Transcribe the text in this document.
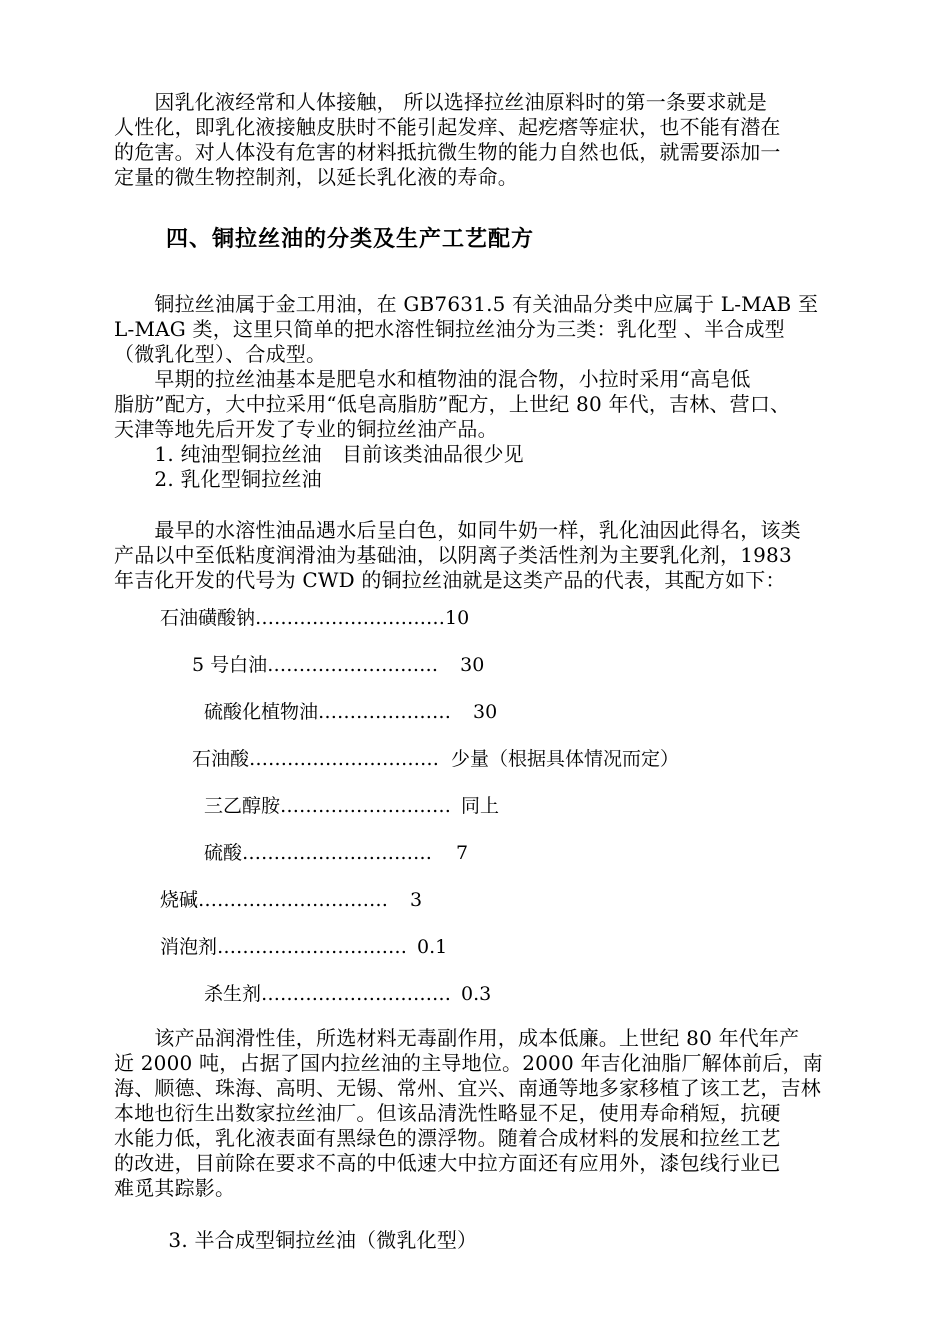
　　因乳化液经常和人体接触， 所以选择拉丝油原料时的第一条要求就是
人性化，即乳化液接触皮肤时不能引起发痒、起疙瘩等症状，也不能有潜在
的危害。对人体没有危害的材料抵抗微生物的能力自然也低，就需要添加一
定量的微生物控制剂，以延长乳化液的寿命。
四、铜拉丝油的分类及生产工艺配方
　　铜拉丝油属于金工用油，在 GB7631.5 有关油品分类中应属于 L-MAB 至
L-MAG 类，这里只简单的把水溶性铜拉丝油分为三类：乳化型 、半合成型
（微乳化型）、合成型。
　　早期的拉丝油基本是肥皂水和植物油的混合物，小拉时采用“高皂低
脂肪”配方，大中拉采用“低皂高脂肪”配方，上世纪 80 年代，吉林、营口、
天津等地先后开发了专业的铜拉丝油产品。
　　1. 纯油型铜拉丝油　目前该类油品很少见
　　2. 乳化型铜拉丝油
　　最早的水溶性油品遇水后呈白色，如同牛奶一样，乳化油因此得名，该类
产品以中至低粘度润滑油为基础油，以阴离子类活性剂为主要乳化剂，1983
年吉化开发的代号为 CWD 的铜拉丝油就是这类产品的代表，其配方如下：
石油磺酸钠…………………………10
5 号白油……………………… 30
硫酸化植物油………………… 30
石油酸………………………… 少量（根据具体情况而定）
三乙醇胺……………………… 同上
硫酸………………………… 7
烧碱………………………… 3
消泡剂………………………… 0.1
杀生剂………………………… 0.3
　　该产品润滑性佳，所选材料无毒副作用，成本低廉。上世纪 80 年代年产
近 2000 吨，占据了国内拉丝油的主导地位。2000 年吉化油脂厂解体前后，南
海、顺德、珠海、高明、无锡、常州、宜兴、南通等地多家移植了该工艺，吉林
本地也衍生出数家拉丝油厂。但该品清洗性略显不足，使用寿命稍短，抗硬
水能力低，乳化液表面有黑绿色的漂浮物。随着合成材料的发展和拉丝工艺
的改进，目前除在要求不高的中低速大中拉方面还有应用外，漆包线行业已
难觅其踪影。
　　3. 半合成型铜拉丝油（微乳化型）
